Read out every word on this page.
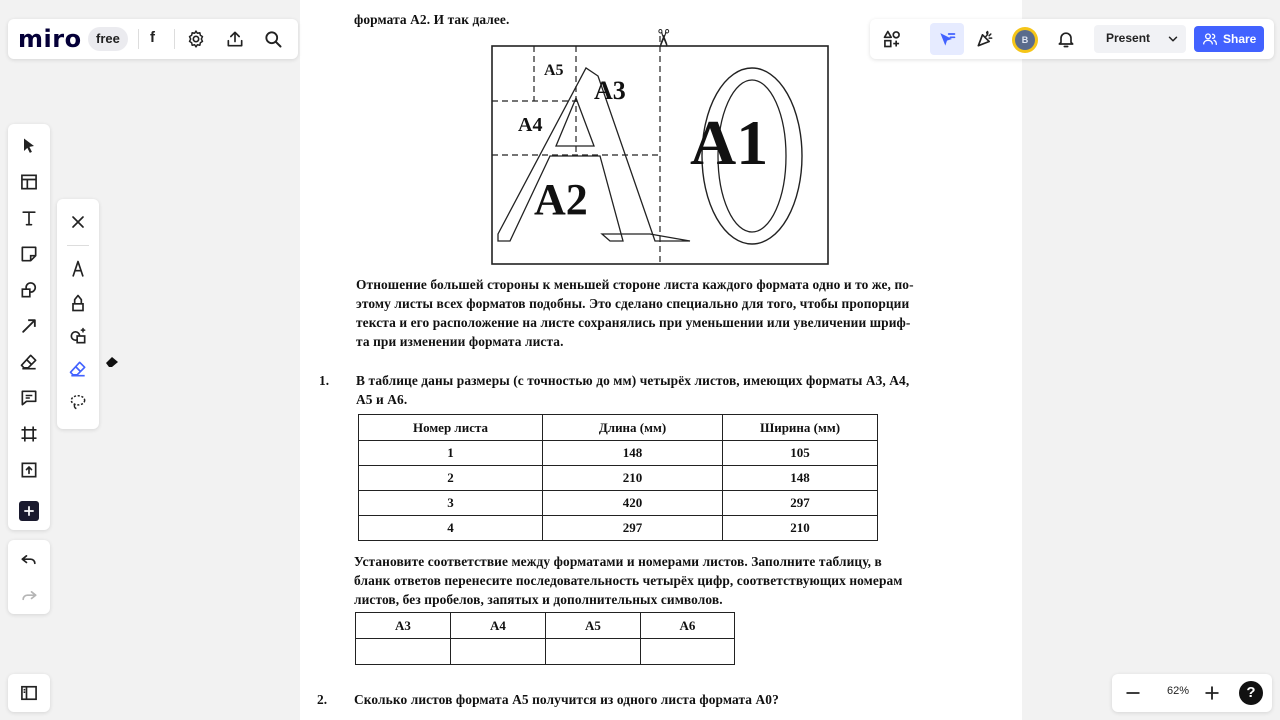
формата A2. И так далее.
✂
A5
A3
A4
A2
A1
Отношение большей стороны к меньшей стороне листа каждого формата одно и то же, по-
этому листы всех форматов подобны. Это сделано специально для того, чтобы пропорции
текста и его расположение на листе сохранялись при уменьшении или увеличении шриф-
та при изменении формата листа.
1. В таблице даны размеры (с точностью до мм) четырёх листов, имеющих форматы А3, А4,
А5 и А6.
Номер листа	Длина (мм)	Ширина (мм)
1	148	105
2	210	148
3	420	297
4	297	210
Установите соответствие между форматами и номерами листов. Заполните таблицу, в
бланк ответов перенесите последовательность четырёх цифр, соответствующих номерам
листов, без пробелов, запятых и дополнительных символов.
А3	А4	А5	А6

2. Сколько листов формата А5 получится из одного листа формата А0?
miro	free	f	B	Present	Share
62%	?
